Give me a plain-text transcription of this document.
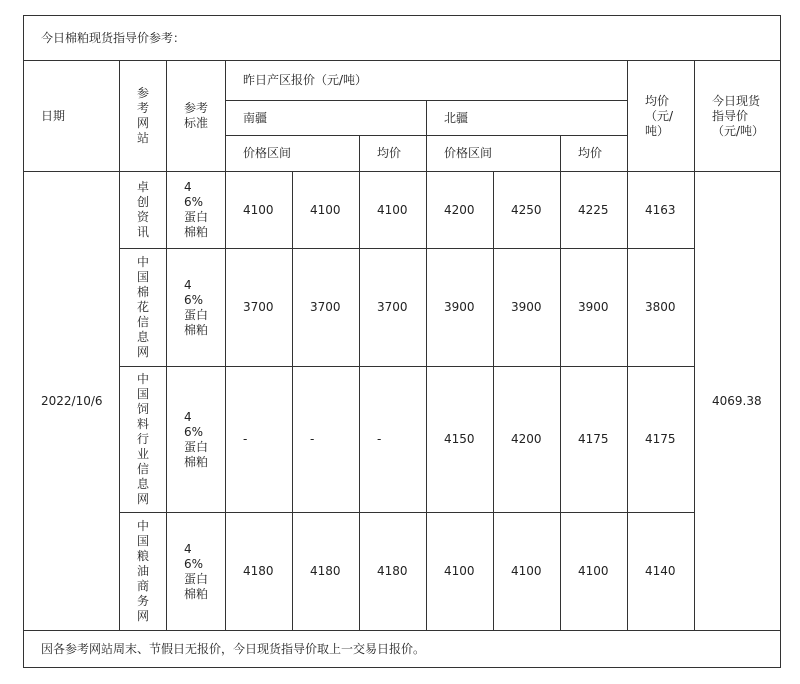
今日棉粕现货指导价参考：										
日期	参考网站	参考标准	昨日产区报价（元/吨）						均价（元/吨）	今日现货指导价（元/吨）

			南疆			北疆				
			价格区间		均价	价格区间		均价		
2022/10/6	卓创资讯	46%蛋白棉粕	4100	4100	4100	4200	4250	4225	4163	4069.38

	中国棉花信息网	46%蛋白棉粕	3700	3700	3700	3900	3900	3900	3800	

	中国饲料行业信息网	46%蛋白棉粕	-	-	-	4150	4200	4175	4175	

	中国粮油商务网	46%蛋白棉粕	4180	4180	4180	4100	4100	4100	4140	
因各参考网站周末、节假日无报价，今日现货指导价取上一交易日报价。										
